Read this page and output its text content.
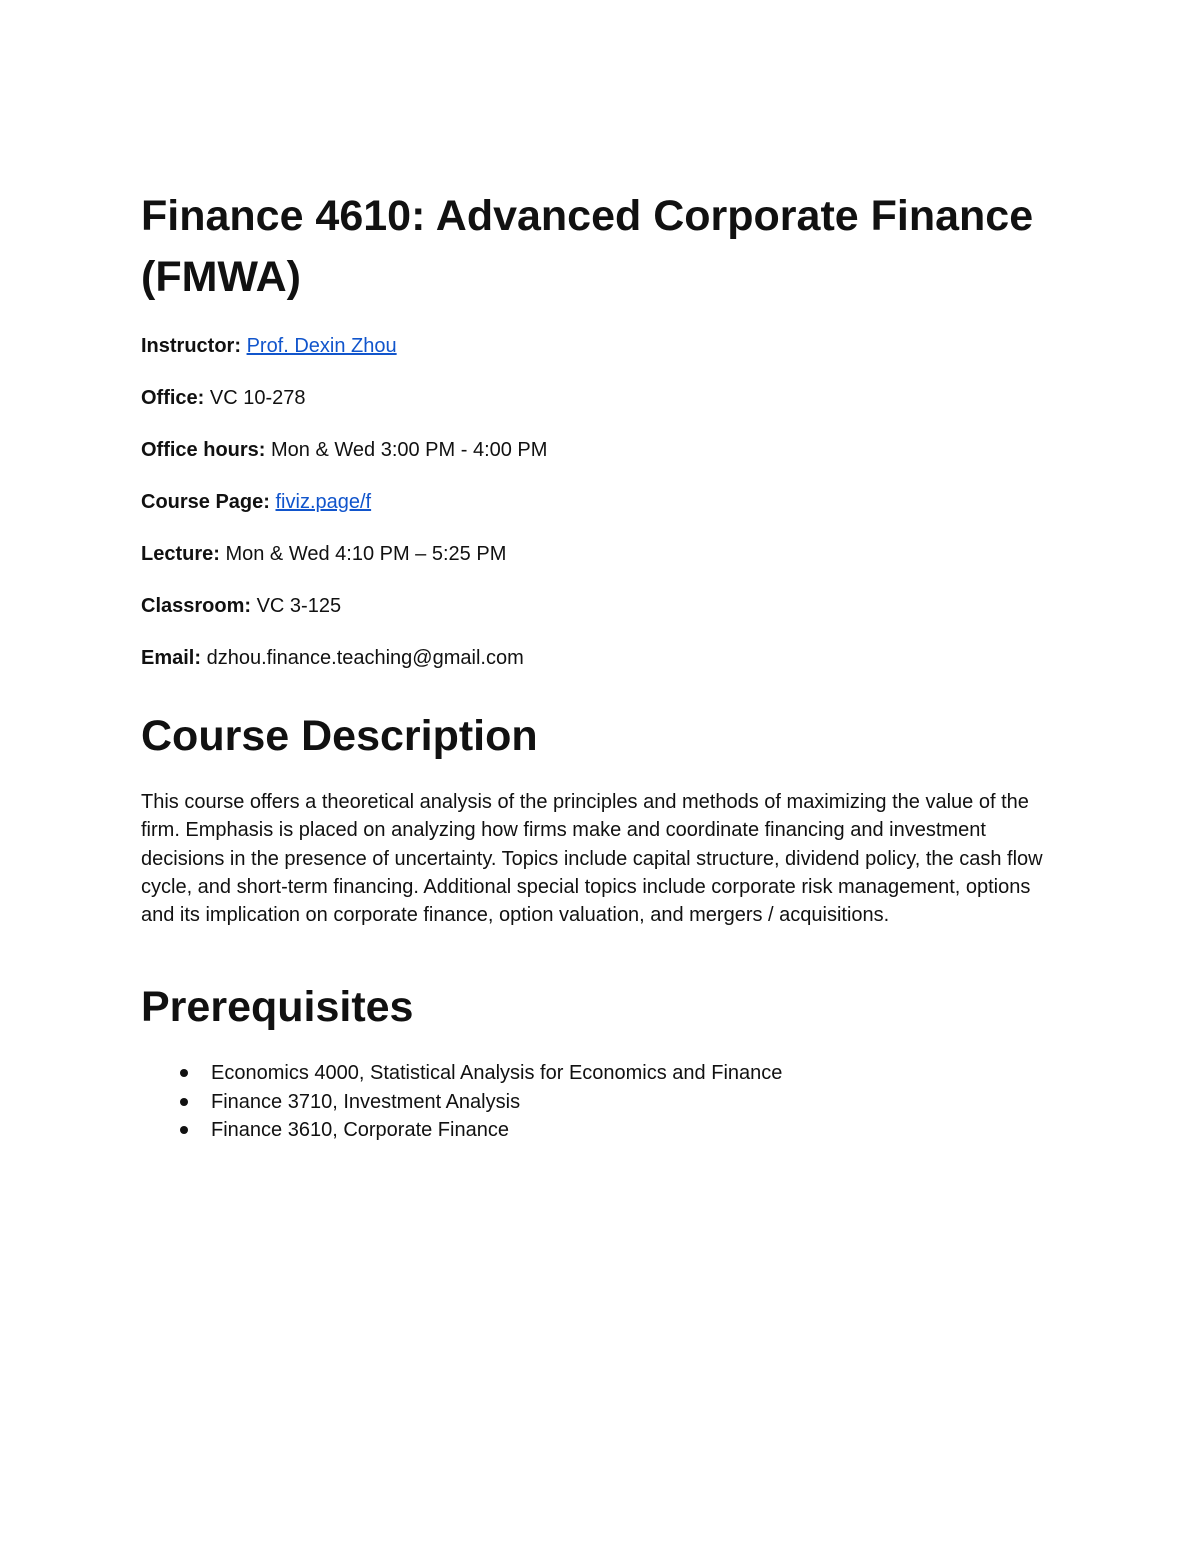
Finance 4610: Advanced Corporate Finance (FMWA)

Instructor: Prof. Dexin Zhou

Office: VC 10-278

Office hours: Mon & Wed 3:00 PM - 4:00 PM

Course Page: fiviz.page/f

Lecture: Mon & Wed 4:10 PM – 5:25 PM

Classroom: VC 3-125

Email: dzhou.finance.teaching@gmail.com

Course Description

This course offers a theoretical analysis of the principles and methods of maximizing the value of the firm. Emphasis is placed on analyzing how firms make and coordinate financing and investment decisions in the presence of uncertainty. Topics include capital structure, dividend policy, the cash flow cycle, and short-term financing. Additional special topics include corporate risk management, options and its implication on corporate finance, option valuation, and mergers / acquisitions.

Prerequisites
Economics 4000, Statistical Analysis for Economics and Finance
Finance 3710, Investment Analysis
Finance 3610, Corporate Finance
